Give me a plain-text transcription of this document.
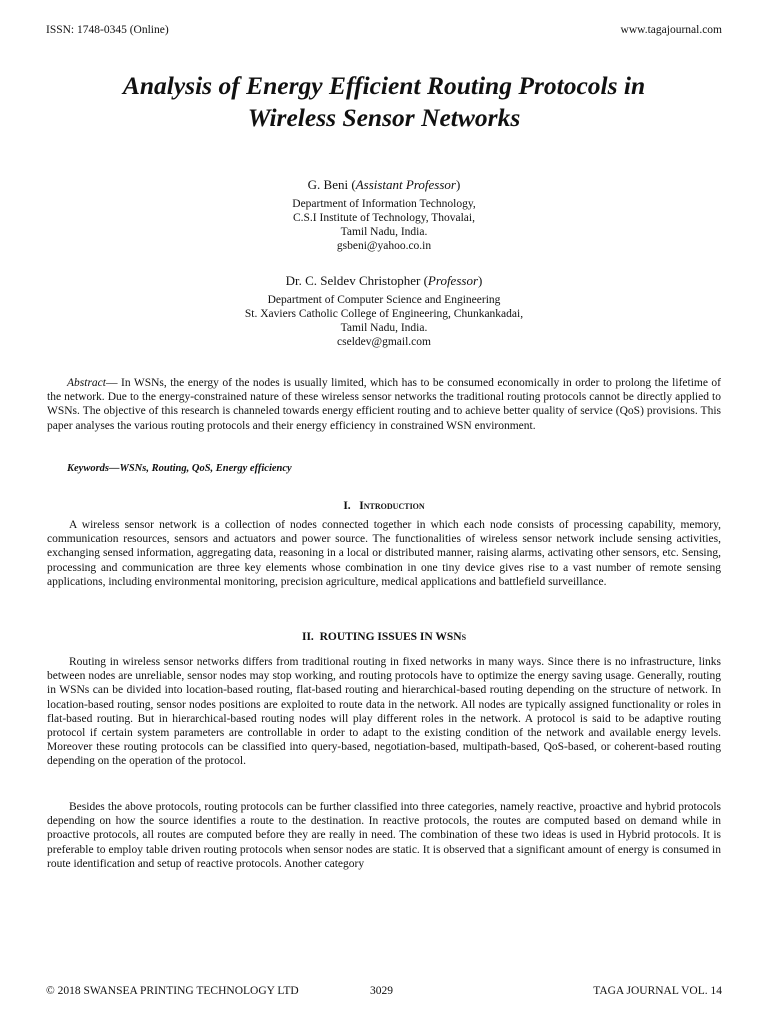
ISSN: 1748-0345 (Online)	www.tagajournal.com
Analysis of Energy Efficient Routing Protocols in
Wireless Sensor Networks
G. Beni (Assistant Professor)
Department of Information Technology,
C.S.I Institute of Technology, Thovalai,
Tamil Nadu, India.
gsbeni@yahoo.co.in
Dr. C. Seldev Christopher (Professor)
Department of Computer Science and Engineering
St. Xaviers Catholic College of Engineering, Chunkankadai,
Tamil Nadu, India.
cseldev@gmail.com

Abstract— In WSNs, the energy of the nodes is usually limited, which has to be consumed economically in order to prolong the lifetime of the network. Due to the energy-constrained nature of these wireless sensor networks the traditional routing protocols cannot be directly applied to WSNs. The objective of this research is channeled towards energy efficient routing and to achieve better quality of service (QoS) provisions. This paper analyses the various routing protocols and their energy efficiency in constrained WSN environment.

Keywords—WSNs, Routing, QoS, Energy efficiency

I. Introduction

A wireless sensor network is a collection of nodes connected together in which each node consists of processing capability, memory, communication resources, sensors and actuators and power source. The functionalities of wireless sensor network include sensing activities, exchanging sensed information, aggregating data, reasoning in a local or distributed manner, raising alarms, activating other sensors, etc. Sensing, processing and communication are three key elements whose combination in one tiny device gives rise to a vast number of remote sensing applications, including environmental monitoring, precision agriculture, medical applications and battlefield surveillance.

II. ROUTING ISSUES IN WSNs

Routing in wireless sensor networks differs from traditional routing in fixed networks in many ways. Since there is no infrastructure, links between nodes are unreliable, sensor nodes may stop working, and routing protocols have to optimize the energy saving usage. Generally, routing in WSNs can be divided into location-based routing, flat-based routing and hierarchical-based routing depending on the structure of network. In location-based routing, sensor nodes positions are exploited to route data in the network. All nodes are typically assigned functionality or roles in flat-based routing. But in hierarchical-based routing nodes will play different roles in the network. A protocol is said to be adaptive routing protocol if certain system parameters are controllable in order to adapt to the existing condition of the network and available energy levels. Moreover these routing protocols can be classified into query-based, negotiation-based, multipath-based, QoS-based, or coherent-based routing depending on the operation of the protocol.

Besides the above protocols, routing protocols can be further classified into three categories, namely reactive, proactive and hybrid protocols depending on how the source identifies a route to the destination. In reactive protocols, the routes are computed based on demand while in proactive protocols, all routes are computed before they are really in need. The combination of these two ideas is used in Hybrid protocols. It is preferable to employ table driven routing protocols when sensor nodes are static. It is observed that a significant amount of energy is consumed in route identification and setup of reactive protocols. Another category

© 2018 SWANSEA PRINTING TECHNOLOGY LTD	3029	TAGA JOURNAL VOL. 14
